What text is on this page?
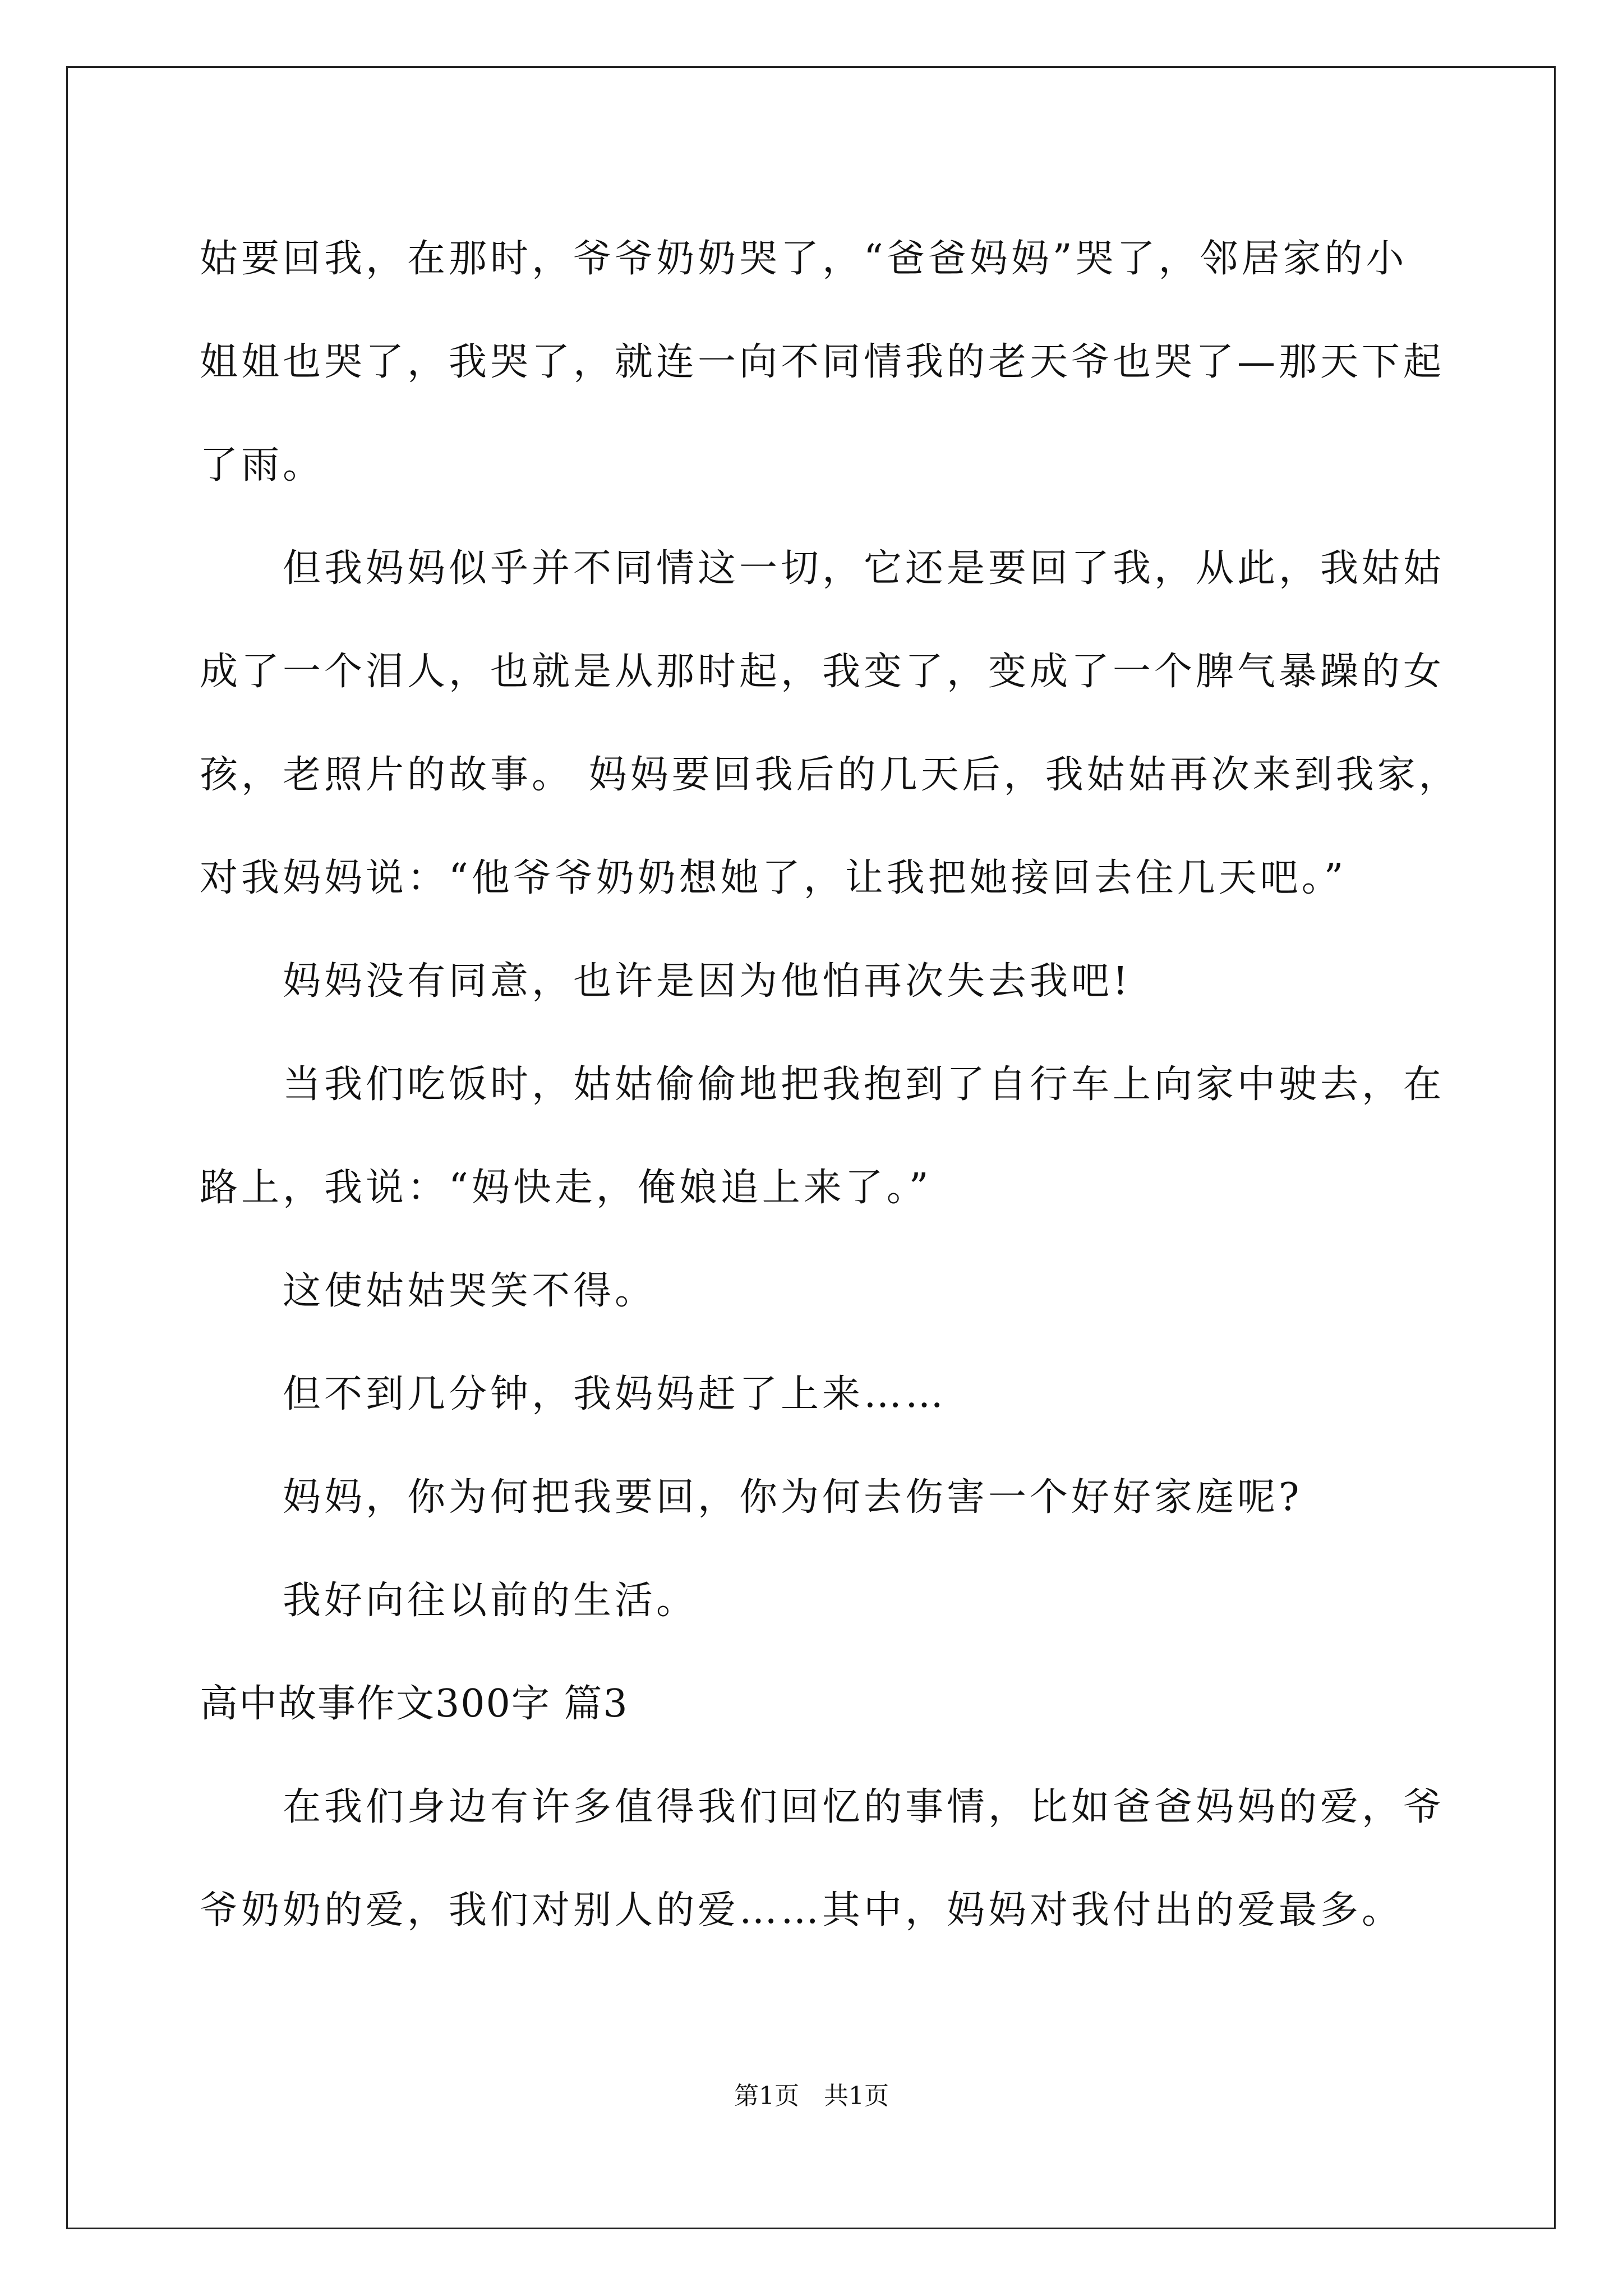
姑要回我，在那时，爷爷奶奶哭了，“爸爸妈妈”哭了，邻居家的小
姐姐也哭了，我哭了，就连一向不同情我的老天爷也哭了—那天下起
了雨。
但我妈妈似乎并不同情这一切，它还是要回了我，从此，我姑姑
成了一个泪人，也就是从那时起，我变了，变成了一个脾气暴躁的女
孩，老照片的故事。 妈妈要回我后的几天后，我姑姑再次来到我家，
对我妈妈说：“他爷爷奶奶想她了，让我把她接回去住几天吧。”
妈妈没有同意，也许是因为他怕再次失去我吧!
当我们吃饭时，姑姑偷偷地把我抱到了自行车上向家中驶去，在
路上，我说：“妈快走，俺娘追上来了。”
这使姑姑哭笑不得。
但不到几分钟，我妈妈赶了上来……
妈妈，你为何把我要回，你为何去伤害一个好好家庭呢?
我好向往以前的生活。
高中故事作文300字 篇3
在我们身边有许多值得我们回忆的事情，比如爸爸妈妈的爱，爷
爷奶奶的爱，我们对别人的爱……其中，妈妈对我付出的爱最多。
第1页　共1页
